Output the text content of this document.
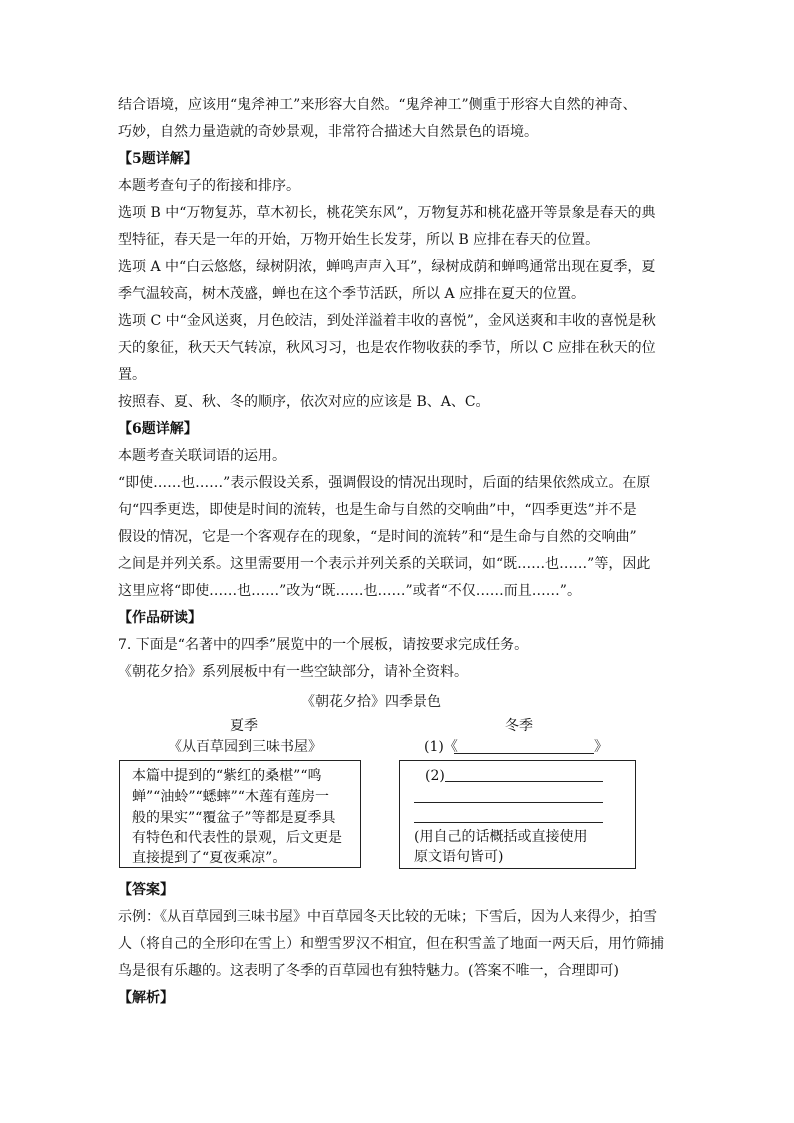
结合语境，应该用“鬼斧神工”来形容大自然。“鬼斧神工”侧重于形容大自然的神奇、
巧妙，自然力量造就的奇妙景观，非常符合描述大自然景色的语境。
【5题详解】
本题考查句子的衔接和排序。
选项 B 中“万物复苏，草木初长，桃花笑东风”，万物复苏和桃花盛开等景象是春天的典
型特征，春天是一年的开始，万物开始生长发芽，所以 B 应排在春天的位置。
选项 A 中“白云悠悠，绿树阴浓，蝉鸣声声入耳”，绿树成荫和蝉鸣通常出现在夏季，夏
季气温较高，树木茂盛，蝉也在这个季节活跃，所以 A 应排在夏天的位置。
选项 C 中“金风送爽，月色皎洁，到处洋溢着丰收的喜悦”，金风送爽和丰收的喜悦是秋
天的象征，秋天天气转凉，秋风习习，也是农作物收获的季节，所以 C 应排在秋天的位
置。
按照春、夏、秋、冬的顺序，依次对应的应该是 B、A、C。
【6题详解】
本题考查关联词语的运用。
“即使……也……”表示假设关系，强调假设的情况出现时，后面的结果依然成立。在原
句“四季更迭，即使是时间的流转，也是生命与自然的交响曲”中，“四季更迭”并不是
假设的情况，它是一个客观存在的现象，“是时间的流转”和“是生命与自然的交响曲”
之间是并列关系。这里需要用一个表示并列关系的关联词，如“既……也……”等，因此
这里应将“即使……也……”改为“既……也……”或者“不仅……而且……”。
【作品研读】
7. 下面是“名著中的四季”展览中的一个展板，请按要求完成任务。
《朝花夕拾》系列展板中有一些空缺部分，请补全资料。
《朝花夕拾》四季景色
夏季
《从百草园到三味书屋》
冬季
(1)《	》
本篇中提到的“紫红的桑椹”“鸣
蝉”“油蛉”“蟋蟀”“木莲有莲房一
般的果实”“覆盆子”等都是夏季具
有特色和代表性的景观，后文更是
直接提到了“夏夜乘凉”。
(2)
(用自己的话概括或直接使用
原文语句皆可)
【答案】
示例：《从百草园到三味书屋》中百草园冬天比较的无味；下雪后，因为人来得少，拍雪
人（将自己的全形印在雪上）和塑雪罗汉不相宜，但在积雪盖了地面一两天后，用竹筛捕
鸟是很有乐趣的。这表明了冬季的百草园也有独特魅力。(答案不唯一，合理即可)
【解析】
